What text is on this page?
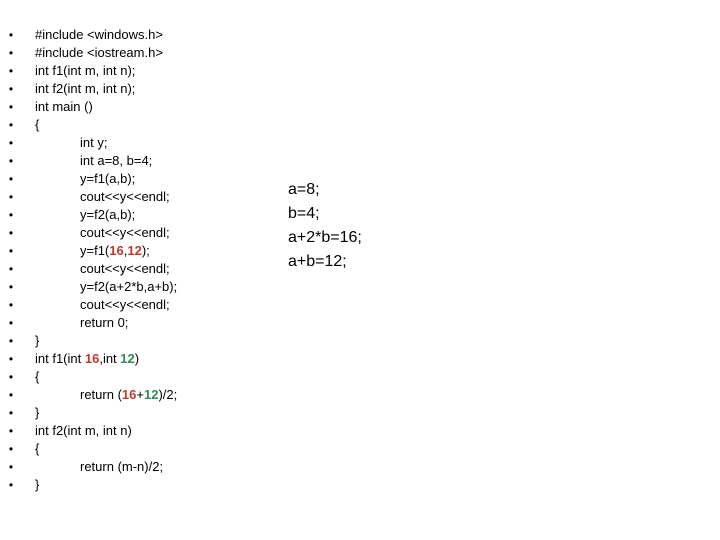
• #include <windows.h>
• #include <iostream.h>
• int f1(int m, int n);
• int f2(int m, int n);
• int main ()
• {
•	int y;
•	int a=8, b=4;
•	y=f1(a,b);
•	cout<<y<<endl;
•	y=f2(a,b);
•	cout<<y<<endl;
•	y=f1(16,12);
•	cout<<y<<endl;
•	y=f2(a+2*b,a+b);
•	cout<<y<<endl;
•	return 0;
• }
• int f1(int 16,int 12)
• {
•	return (16+12)/2;
• }
• int f2(int m, int n)
• {
•	return (m-n)/2;
• }
a=8;
b=4;
a+2*b=16;
a+b=12;
